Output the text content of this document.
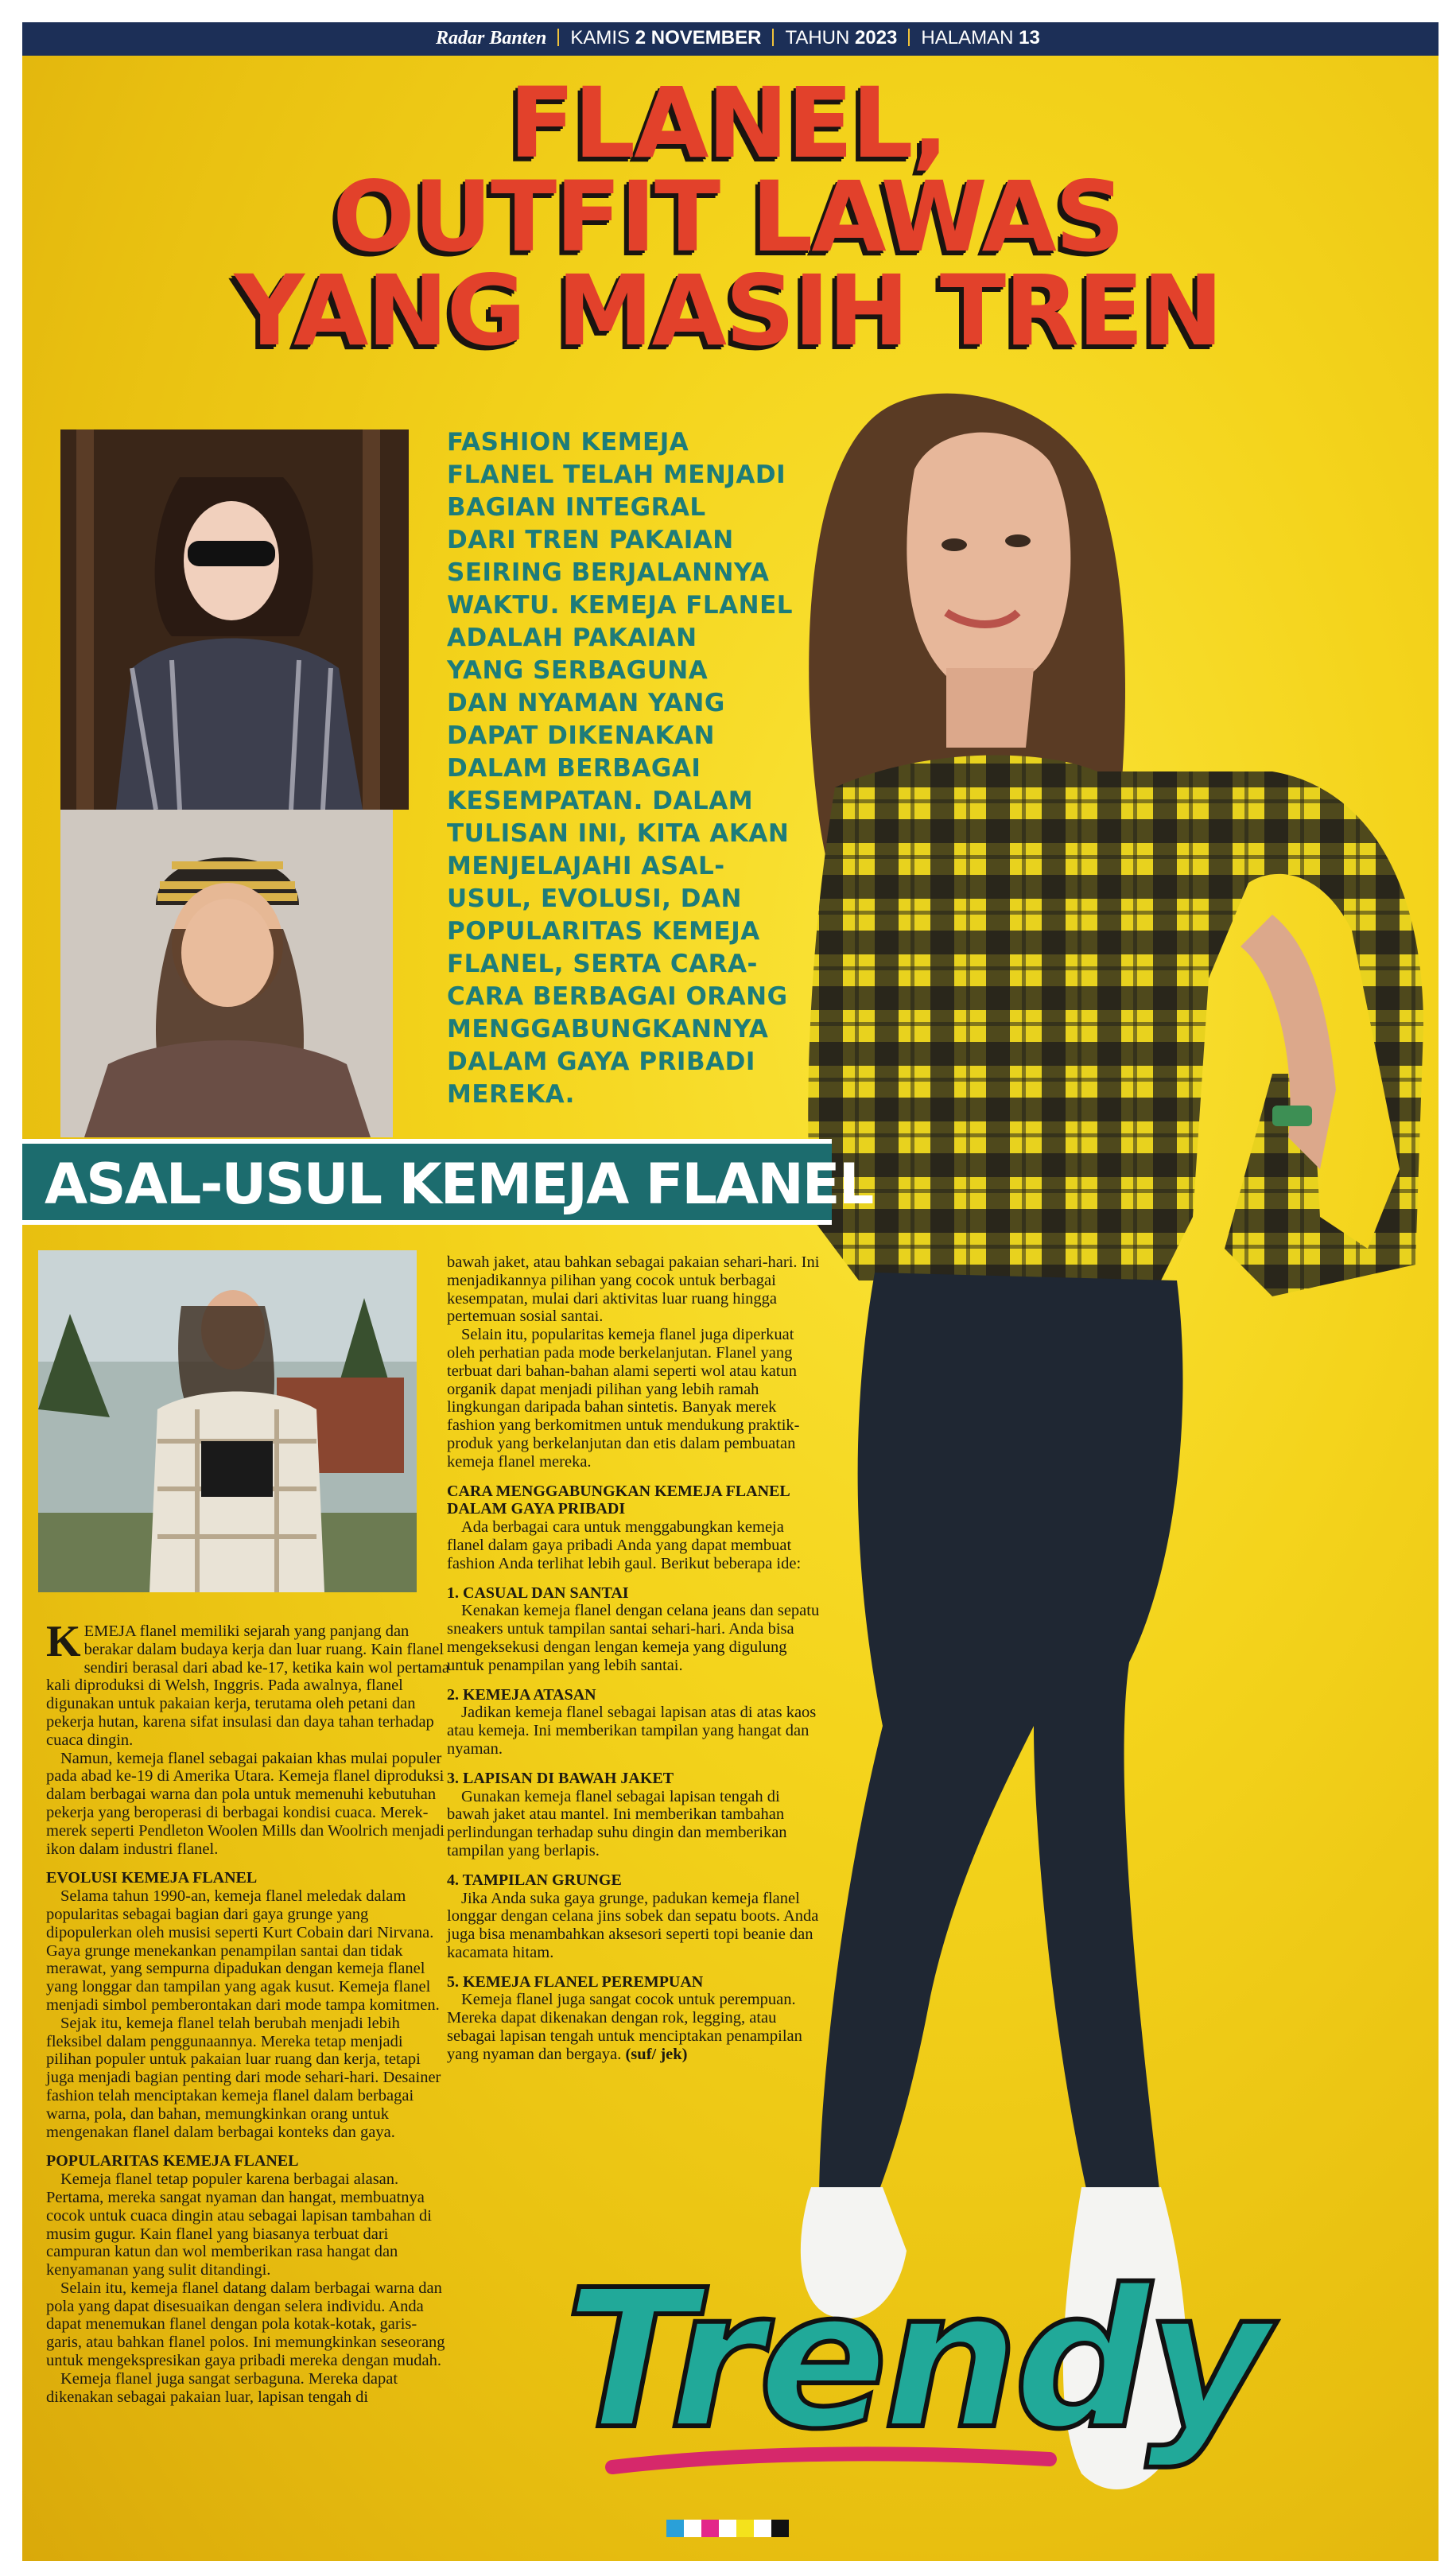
Radar Banten KAMIS 2 NOVEMBER TAHUN 2023 HALAMAN 13
FLANEL,
OUTFIT LAWAS
YANG MASIH TREN
FASHION KEMEJA
FLANEL TELAH MENJADI
BAGIAN INTEGRAL
DARI TREN PAKAIAN
SEIRING BERJALANNYA
WAKTU. KEMEJA FLANEL
ADALAH PAKAIAN
YANG SERBAGUNA
DAN NYAMAN YANG
DAPAT DIKENAKAN
DALAM BERBAGAI
KESEMPATAN. DALAM
TULISAN INI, KITA AKAN
MENJELAJAHI ASAL-
USUL, EVOLUSI, DAN
POPULARITAS KEMEJA
FLANEL, SERTA CARA-
CARA BERBAGAI ORANG
MENGGABUNGKANNYA
DALAM GAYA PRIBADI
MEREKA.
ASAL-USUL KEMEJA FLANEL

KEMEJA flanel memiliki sejarah yang panjang dan berakar dalam budaya kerja dan luar ruang. Kain flanel sendiri berasal dari abad ke-17, ketika kain wol pertama kali diproduksi di Welsh, Inggris. Pada awalnya, flanel digunakan untuk pakaian kerja, terutama oleh petani dan pekerja hutan, karena sifat insulasi dan daya tahan terhadap cuaca dingin.

Namun, kemeja flanel sebagai pakaian khas mulai populer pada abad ke-19 di Amerika Utara. Kemeja flanel diproduksi dalam berbagai warna dan pola untuk memenuhi kebutuhan pekerja yang beroperasi di berbagai kondisi cuaca. Merek-merek seperti Pendleton Woolen Mills dan Woolrich menjadi ikon dalam industri flanel.

EVOLUSI KEMEJA FLANEL

Selama tahun 1990-an, kemeja flanel meledak dalam popularitas sebagai bagian dari gaya grunge yang dipopulerkan oleh musisi seperti Kurt Cobain dari Nirvana. Gaya grunge menekankan penampilan santai dan tidak merawat, yang sempurna dipadukan dengan kemeja flanel yang longgar dan tampilan yang agak kusut. Kemeja flanel menjadi simbol pemberontakan dari mode tampa komitmen.

Sejak itu, kemeja flanel telah berubah menjadi lebih fleksibel dalam penggunaannya. Mereka tetap menjadi pilihan populer untuk pakaian luar ruang dan kerja, tetapi juga menjadi bagian penting dari mode sehari-hari. Desainer fashion telah menciptakan kemeja flanel dalam berbagai warna, pola, dan bahan, memungkinkan orang untuk mengenakan flanel dalam berbagai konteks dan gaya.

POPULARITAS KEMEJA FLANEL

Kemeja flanel tetap populer karena berbagai alasan. Pertama, mereka sangat nyaman dan hangat, membuatnya cocok untuk cuaca dingin atau sebagai lapisan tambahan di musim gugur. Kain flanel yang biasanya terbuat dari campuran katun dan wol memberikan rasa hangat dan kenyamanan yang sulit ditandingi.

Selain itu, kemeja flanel datang dalam berbagai warna dan pola yang dapat disesuaikan dengan selera individu. Anda dapat menemukan flanel dengan pola kotak-kotak, garis-garis, atau bahkan flanel polos. Ini memungkinkan seseorang untuk mengekspresikan gaya pribadi mereka dengan mudah.

Kemeja flanel juga sangat serbaguna. Mereka dapat dikenakan sebagai pakaian luar, lapisan tengah di

bawah jaket, atau bahkan sebagai pakaian sehari-hari. Ini menjadikannya pilihan yang cocok untuk berbagai kesempatan, mulai dari aktivitas luar ruang hingga pertemuan sosial santai.

Selain itu, popularitas kemeja flanel juga diperkuat oleh perhatian pada mode berkelanjutan. Flanel yang terbuat dari bahan-bahan alami seperti wol atau katun organik dapat menjadi pilihan yang lebih ramah lingkungan daripada bahan sintetis. Banyak merek fashion yang berkomitmen untuk mendukung praktik-produk yang berkelanjutan dan etis dalam pembuatan kemeja flanel mereka.

CARA MENGGABUNGKAN KEMEJA FLANEL DALAM GAYA PRIBADI

Ada berbagai cara untuk menggabungkan kemeja flanel dalam gaya pribadi Anda yang dapat membuat fashion Anda terlihat lebih gaul. Berikut beberapa ide:

1. CASUAL DAN SANTAI

Kenakan kemeja flanel dengan celana jeans dan sepatu sneakers untuk tampilan santai sehari-hari. Anda bisa mengeksekusi dengan lengan kemeja yang digulung untuk penampilan yang lebih santai.

2. KEMEJA ATASAN

Jadikan kemeja flanel sebagai lapisan atas di atas kaos atau kemeja. Ini memberikan tampilan yang hangat dan nyaman.

3. LAPISAN DI BAWAH JAKET

Gunakan kemeja flanel sebagai lapisan tengah di bawah jaket atau mantel. Ini memberikan tambahan perlindungan terhadap suhu dingin dan memberikan tampilan yang berlapis.

4. TAMPILAN GRUNGE

Jika Anda suka gaya grunge, padukan kemeja flanel longgar dengan celana jins sobek dan sepatu boots. Anda juga bisa menambahkan aksesori seperti topi beanie dan kacamata hitam.

5. KEMEJA FLANEL PEREMPUAN

Kemeja flanel juga sangat cocok untuk perempuan. Mereka dapat dikenakan dengan rok, legging, atau sebagai lapisan tengah untuk menciptakan penampilan yang nyaman dan bergaya. (suf/ jek)

Trendy
